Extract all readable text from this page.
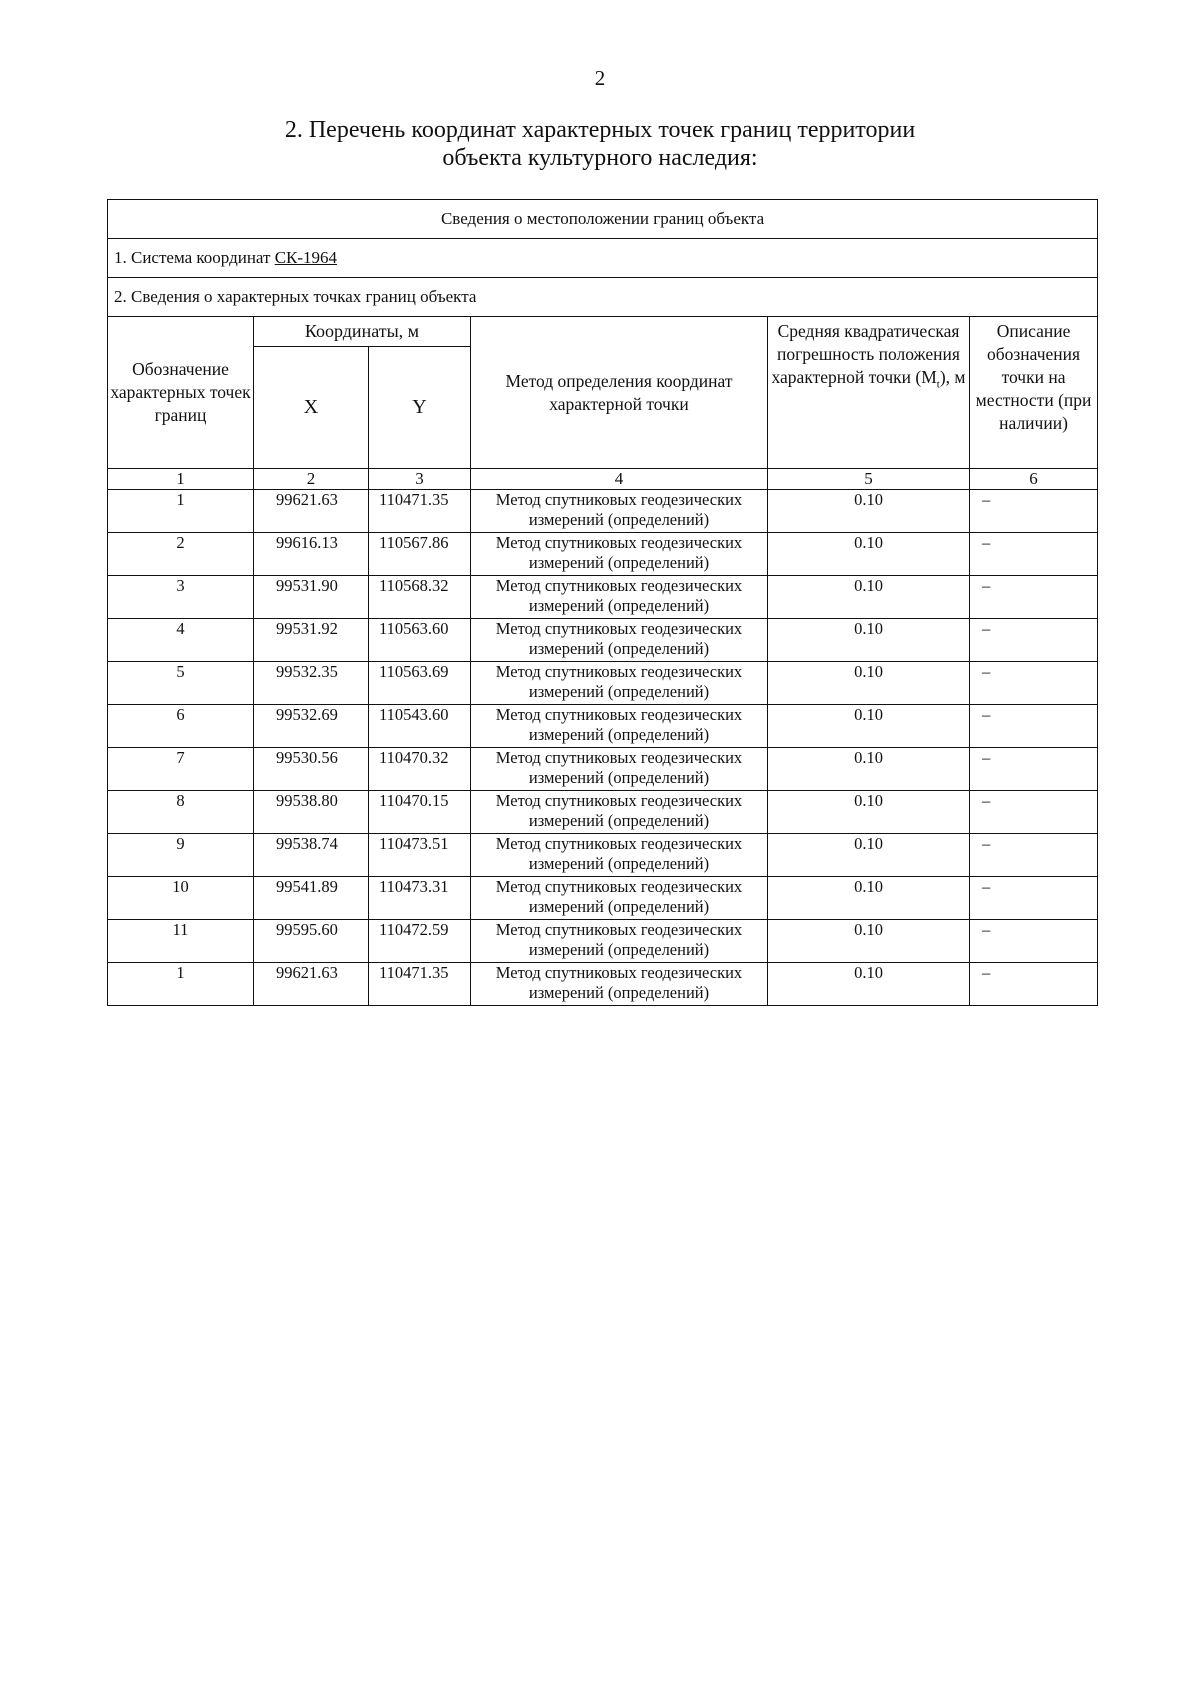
2
2. Перечень координат характерных точек границ территории
объекта культурного наследия:
Сведения о местоположении границ объекта					
1. Система координат СК-1964					
2. Сведения о характерных точках границ объекта					
Обозначение характерных точек границ	Координаты, м		Метод определения координат характерной точки	Средняя квадратическая погрешность положения характерной точки $(M_t)$, м	Описание обозначения точки на местности (при наличии)
	X	Y			
1	2	3	4	5	6
1	99621.63	110471.35	Метод спутниковых геодезических измерений (определений)	0.10	–
2	99616.13	110567.86	Метод спутниковых геодезических измерений (определений)	0.10	–
3	99531.90	110568.32	Метод спутниковых геодезических измерений (определений)	0.10	–
4	99531.92	110563.60	Метод спутниковых геодезических измерений (определений)	0.10	–
5	99532.35	110563.69	Метод спутниковых геодезических измерений (определений)	0.10	–
6	99532.69	110543.60	Метод спутниковых геодезических измерений (определений)	0.10	–
7	99530.56	110470.32	Метод спутниковых геодезических измерений (определений)	0.10	–
8	99538.80	110470.15	Метод спутниковых геодезических измерений (определений)	0.10	–
9	99538.74	110473.51	Метод спутниковых геодезических измерений (определений)	0.10	–
10	99541.89	110473.31	Метод спутниковых геодезических измерений (определений)	0.10	–
11	99595.60	110472.59	Метод спутниковых геодезических измерений (определений)	0.10	–
1	99621.63	110471.35	Метод спутниковых геодезических измерений (определений)	0.10	–
